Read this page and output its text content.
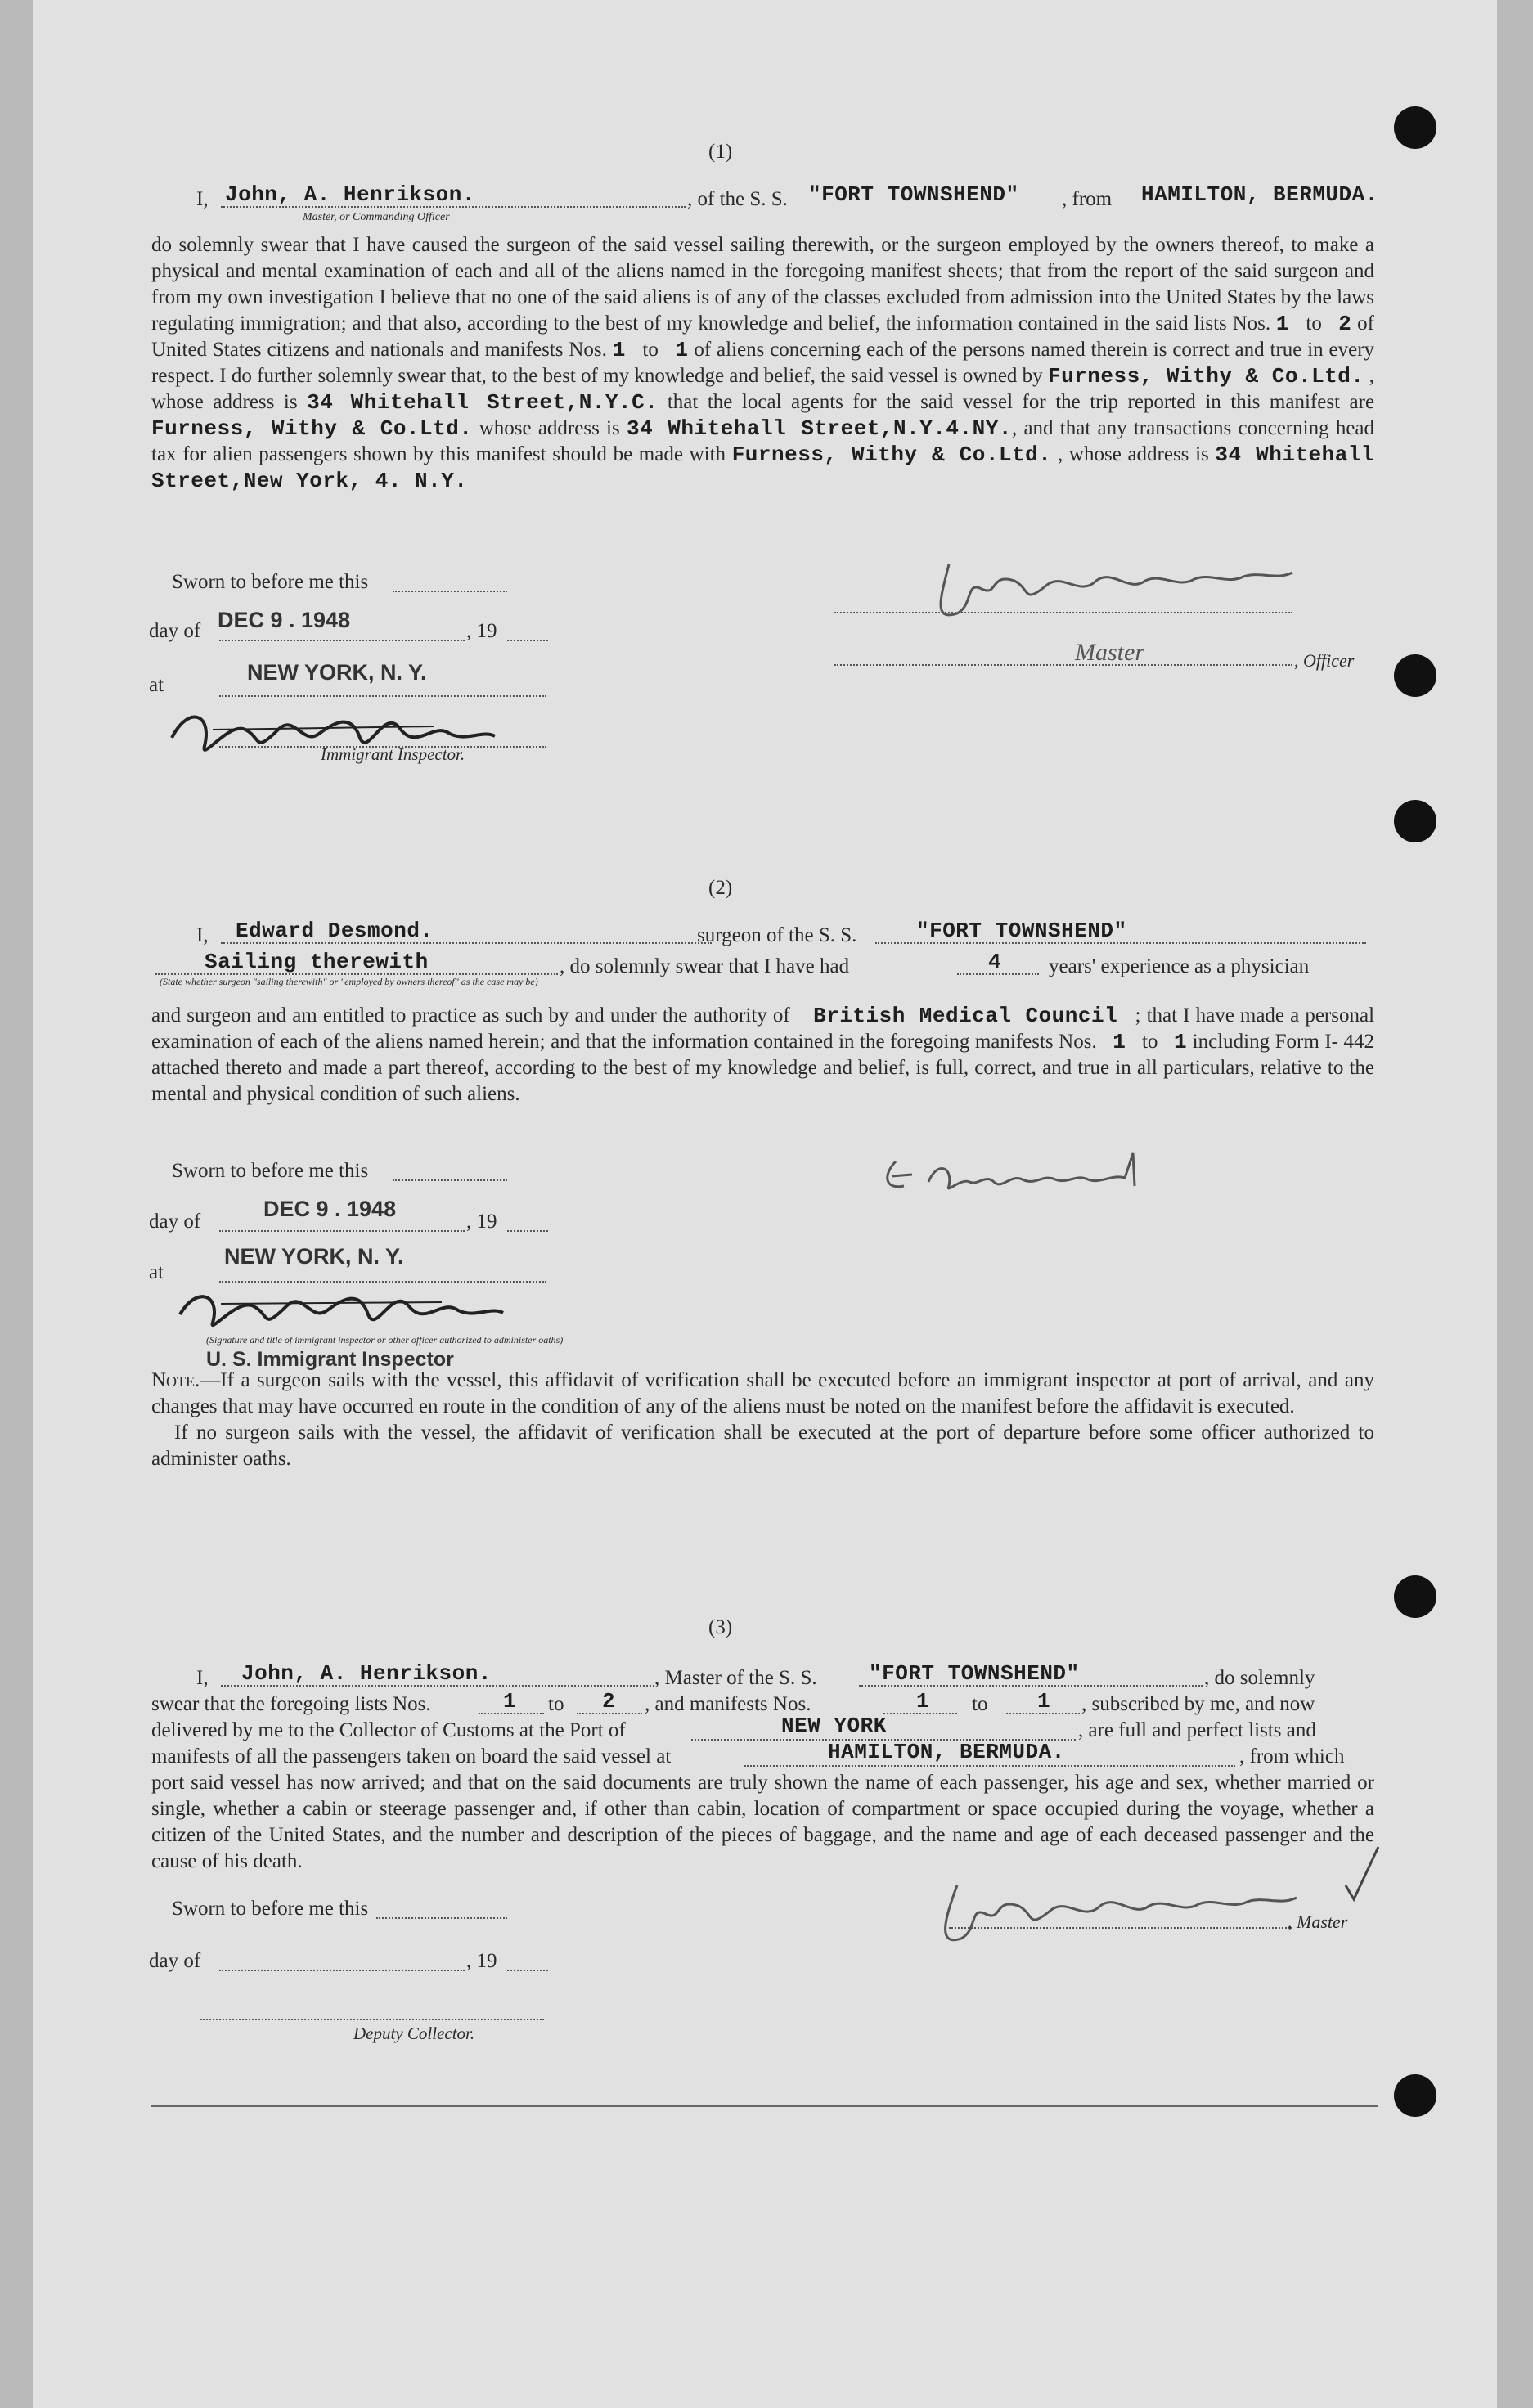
(1)
I, John, A. Henrikson.
Master, or Commanding Officer
, of the S. S. "FORT TOWNSHEND" , from HAMILTON, BERMUDA.

do solemnly swear that I have caused the surgeon of the said vessel sailing therewith, or the surgeon employed by the owners thereof, to make a physical and mental examination of each and all of the aliens named in the foregoing manifest sheets; that from the report of the said surgeon and from my own investigation I believe that no one of the said aliens is of any of the classes excluded from admission into the United States by the laws regulating immigration; and that also, according to the best of my knowledge and belief, the information contained in the said lists Nos. 1 to 2 of United States citizens and nationals and manifests Nos. 1 to 1 of aliens concerning each of the persons named therein is correct and true in every respect. I do further solemnly swear that, to the best of my knowledge and belief, the said vessel is owned by Furness, Withy & Co.Ltd. , whose address is 34 Whitehall Street,N.Y.C. that the local agents for the said vessel for the trip reported in this manifest are Furness, Withy & Co.Ltd. whose address is 34 Whitehall Street,N.Y.4.NY., and that any transactions concerning head tax for alien passengers shown by this manifest should be made with Furness, Withy & Co.Ltd. , whose address is 34 Whitehall Street,New York, 4. N.Y.

Sworn to before me this
day of DEC 9 . 1948	, 19
at
NEW YORK, N. Y.
Immigrant Inspector.
Master	, Officer
(2)
I, Edward Desmond.	surgeon of the S. S.	"FORT TOWNSHEND"
Sailing therewith
(State whether surgeon "sailing therewith" or "employed by owners thereof" as the case may be)
, do solemnly swear that I have had	4 years' experience as a physician

and surgeon and am entitled to practice as such by and under the authority of British Medical Council   ; that I have made a personal examination of each of the aliens named herein; and that the information contained in the foregoing manifests Nos. 1 to 1 including Form I- 442 attached thereto and made a part thereof, according to the best of my knowledge and belief, is full, correct, and true in all particulars, relative to the mental and physical condition of such aliens.

Sworn to before me this
day of
DEC 9 . 1948
, 19
at
NEW YORK, N. Y.
(Signature and title of immigrant inspector or other officer authorized to administer oaths)
U. S. Immigrant Inspector

Note.—If a surgeon sails with the vessel, this affidavit of verification shall be executed before an immigrant inspector at port of arrival, and any changes that may have occurred en route in the condition of any of the aliens must be noted on the manifest before the affidavit is executed.

If no surgeon sails with the vessel, the affidavit of verification shall be executed at the port of departure before some officer authorized to administer oaths.

(3)
I, John, A. Henrikson.	, Master of the S. S. "FORT TOWNSHEND"	, do solemnly
swear that the foregoing lists Nos.	1 to 2 , and manifests Nos.	1 to 1 , subscribed by me, and now
delivered by me to the Collector of Customs at the Port of	NEW YORK	, are full and perfect lists and
manifests of all the passengers taken on board the said vessel at	HAMILTON, BERMUDA.	, from which
port said vessel has now arrived; and that on the said documents are truly shown the name of each passenger, his age and sex, whether married or single, whether a cabin or steerage passenger and, if other than cabin, location of compartment or space occupied during the voyage, whether a citizen of the United States, and the number and description of the pieces of baggage, and the name and age of each deceased passenger and the cause of his death.
Sworn to before me this
day of	, 19
Deputy Collector.
, Master
